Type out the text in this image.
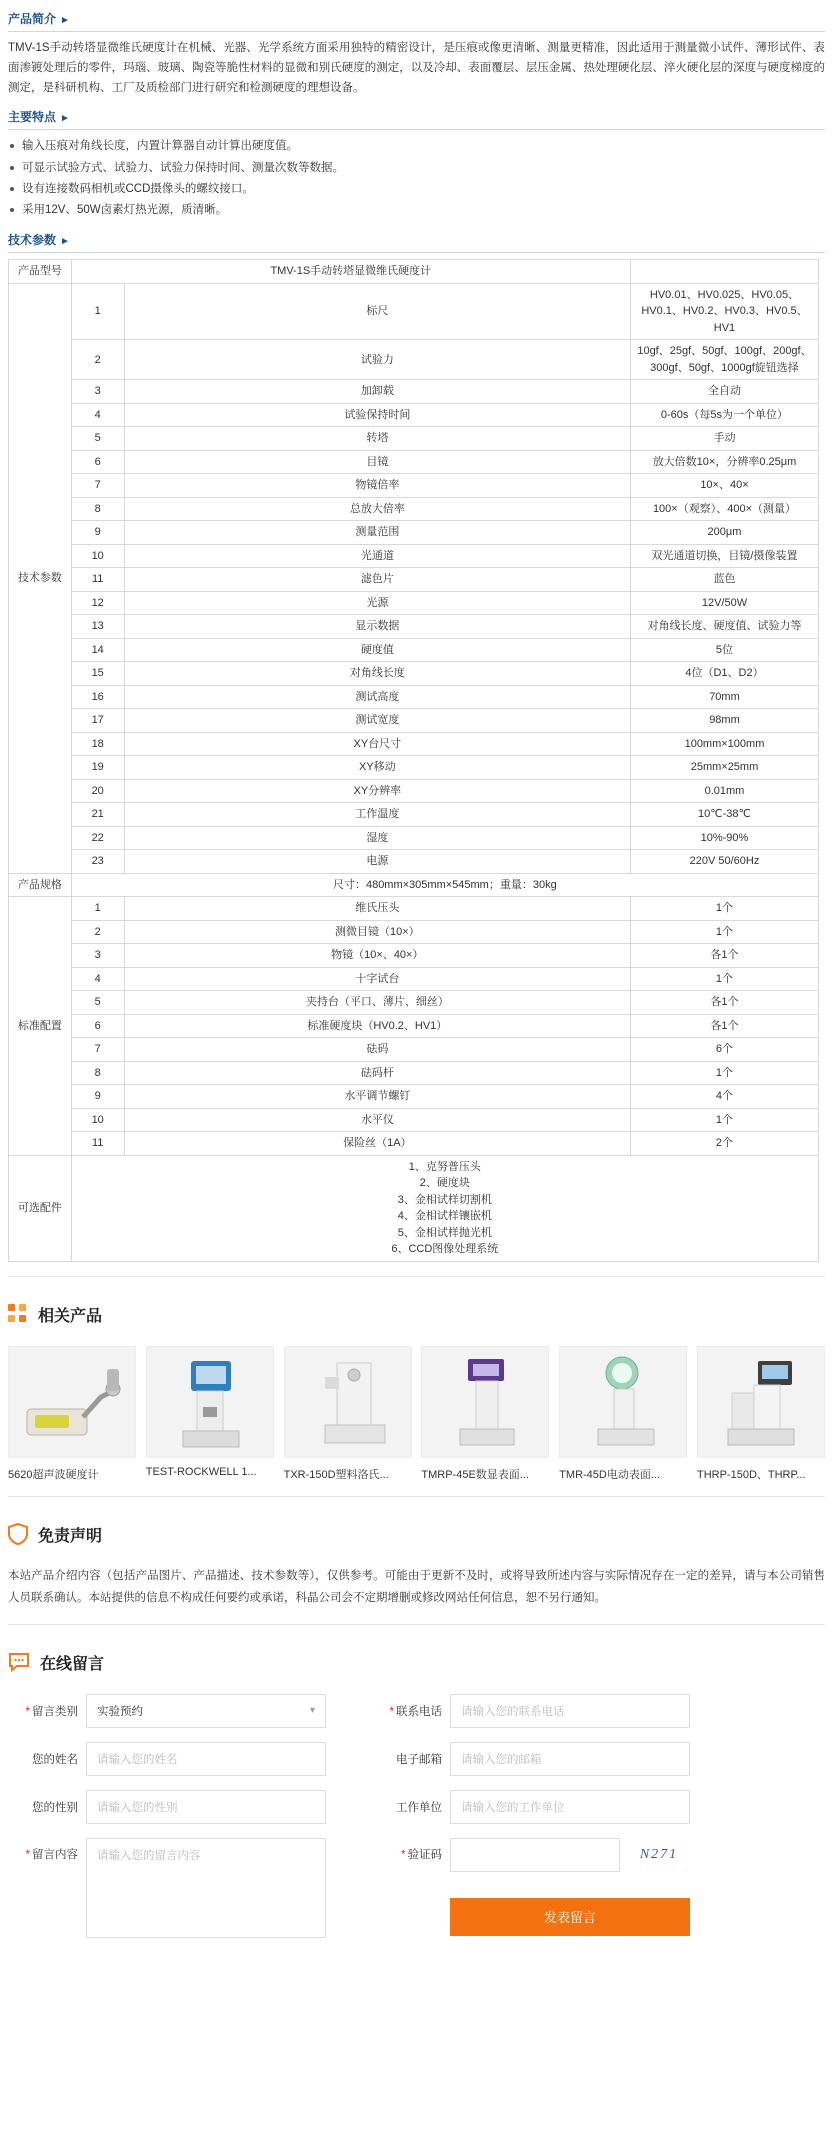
产品简介 ►

TMV-1S手动转塔显微维氏硬度计在机械、光器、光学系统方面采用独特的精密设计，是压痕或像更清晰、测量更精准，因此适用于测量微小试件、薄形试件、表面渗镀处理后的零件，玛瑙、玻璃、陶瓷等脆性材料的显微和别氏硬度的测定，以及冷却、表面覆层、层压金属、热处理硬化层、淬火硬化层的深度与硬度梯度的测定，是科研机构、工厂及质检部门进行研究和检测硬度的理想设备。

主要特点 ►
输入压痕对角线长度，内置计算器自动计算出硬度值。
可显示试验方式、试验力、试验力保持时间、测量次数等数据。
设有连接数码相机或CCD摄像头的螺纹接口。
采用12V、50W卤素灯热光源，质清晰。
技术参数 ►
产品型号	TMV-1S手动转塔显微维氏硬度计		
技术参数	1	标尺	HV0.01、HV0.025、HV0.05、HV0.1、HV0.2、HV0.3、HV0.5、HV1
	2	试验力	10gf、25gf、50gf、100gf、200gf、300gf、50gf、1000gf旋钮选择
	3	加卸载	全自动
	4	试验保持时间	0-60s（每5s为一个单位）
	5	转塔	手动
	6	目镜	放大倍数10×，分辨率0.25μm
	7	物镜倍率	10×、40×
	8	总放大倍率	100×（观察）、400×（测量）
	9	测量范围	200μm
	10	光通道	双光通道切换，目镜/摄像装置
	11	滤色片	蓝色
	12	光源	12V/50W
	13	显示数据	对角线长度、硬度值、试验力等
	14	硬度值	5位
	15	对角线长度	4位（D1、D2）
	16	测试高度	70mm
	17	测试宽度	98mm
	18	XY台尺寸	100mm×100mm
	19	XY移动	25mm×25mm
	20	XY分辨率	0.01mm
	21	工作温度	10℃-38℃
	22	湿度	10%-90%
	23	电源	220V 50/60Hz
产品规格	尺寸：480mm×305mm×545mm；重量：30kg		
标准配置	1	维氏压头	1个
	2	测微目镜（10×）	1个
	3	物镜（10×、40×）	各1个
	4	十字试台	1个
	5	夹持台（平口、薄片、细丝）	各1个
	6	标准硬度块（HV0.2、HV1）	各1个
	7	砝码	6个
	8	砝码杆	1个
	9	水平调节螺钉	4个
	10	水平仪	1个
	11	保险丝（1A）	2个
可选配件	
1、克努普压头
2、硬度块
3、金相试样切割机
4、金相试样镶嵌机
5、金相试样抛光机
6、CCD图像处理系统
相关产品
5620超声波硬度计	TEST-ROCKWELL 1...	TXR-150D塑料洛氏...	TMRP-45E数显表面...	TMR-45D电动表面...	THRP-150D、THRP...
免责声明

本站产品介绍内容（包括产品图片、产品描述、技术参数等），仅供参考。可能由于更新不及时，或将导致所述内容与实际情况存在一定的差异，请与本公司销售人员联系确认。本站提供的信息不构成任何要约或承诺，科晶公司会不定期增删或修改网站任何信息，恕不另行通知。

在线留言
* 留言类别 实验预约	▾	* 联系电话	请输入您的联系电话
您的姓名	请输入您的姓名	电子邮箱	请输入您的邮箱
您的性别	请输入您的性别	工作单位	请输入您的工作单位
* 留言内容	请输入您的留言内容	* 验证码	N271
发表留言
